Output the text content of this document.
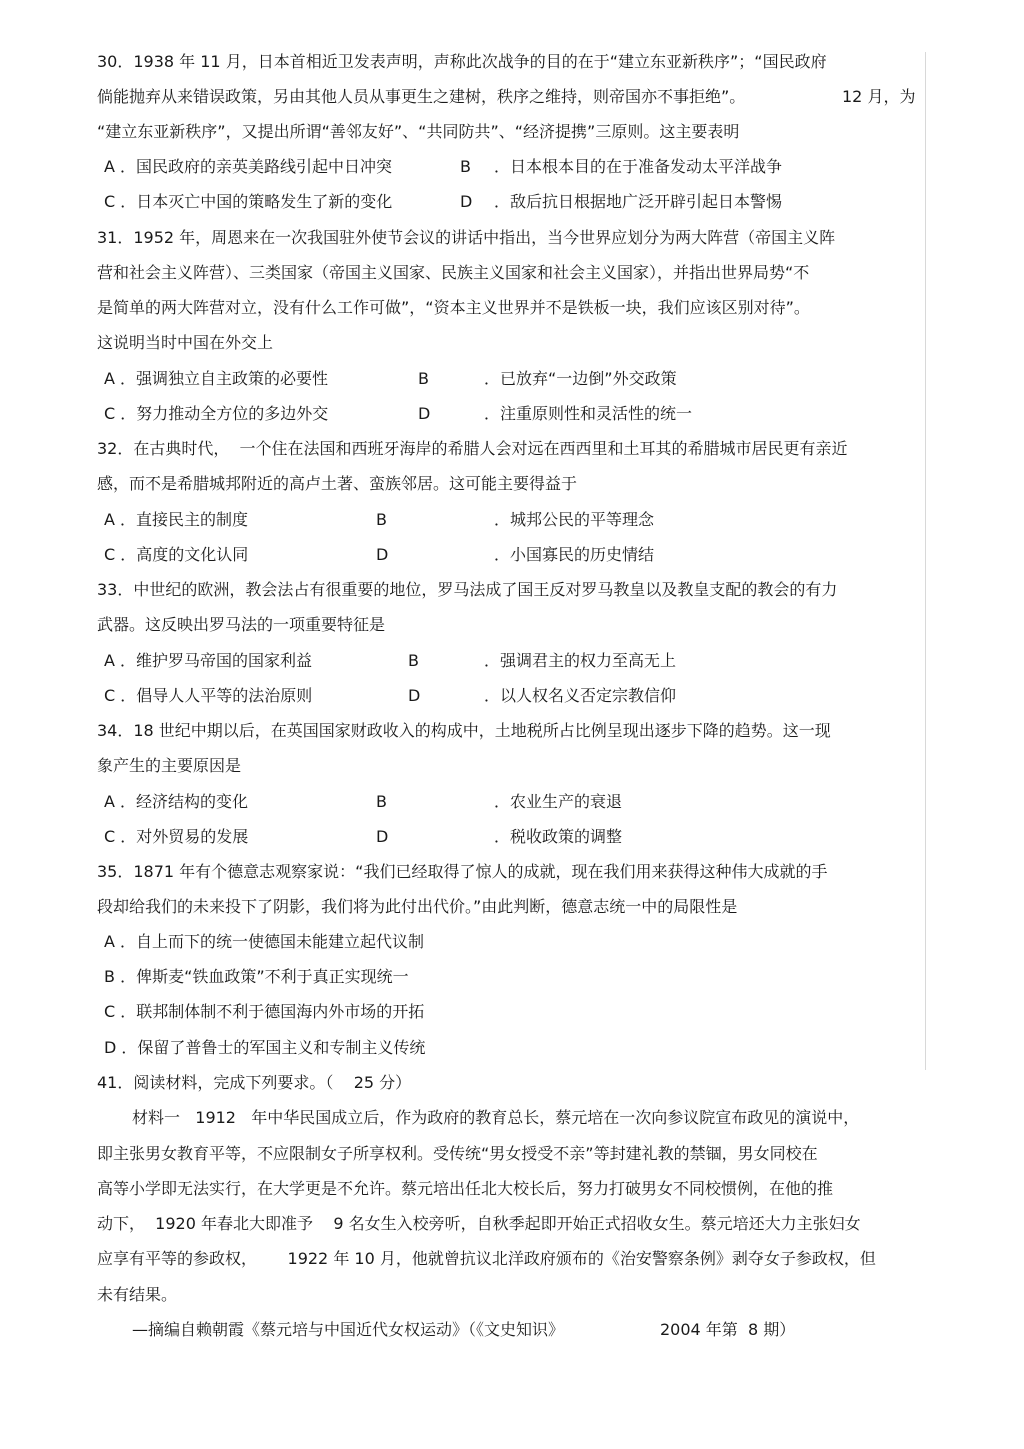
30．1938 年 11 月，日本首相近卫发表声明，声称此次战争的目的在于“建立东亚新秩序”；“国民政府
倘能抛弃从来错误政策，另由其他人员从事更生之建树，秩序之维持，则帝国亦不事拒绝”。	12 月，为
“建立东亚新秩序”，又提出所谓“善邻友好”、“共同防共”、“经济提携”三原则。这主要表明
A ．国民政府的亲英美路线引起中日冲突	B ．日本根本目的在于准备发动太平洋战争
C ．日本灭亡中国的策略发生了新的变化	D ．敌后抗日根据地广泛开辟引起日本警惕
31．1952 年，周恩来在一次我国驻外使节会议的讲话中指出，当今世界应划分为两大阵营（帝国主义阵
营和社会主义阵营）、三类国家（帝国主义国家、民族主义国家和社会主义国家），并指出世界局势“不
是简单的两大阵营对立，没有什么工作可做”，“资本主义世界并不是铁板一块，我们应该区别对待”。
这说明当时中国在外交上
A ．强调独立自主政策的必要性	B	．已放弃“一边倒”外交政策
C ．努力推动全方位的多边外交	D	．注重原则性和灵活性的统一
32．在古典时代，  一个住在法国和西班牙海岸的希腊人会对远在西西里和土耳其的希腊城市居民更有亲近
感，而不是希腊城邦附近的高卢土著、蛮族邻居。这可能主要得益于
A ．直接民主的制度	B	．城邦公民的平等理念
C ．高度的文化认同	D	．小国寡民的历史情结
33．中世纪的欧洲，教会法占有很重要的地位，罗马法成了国王反对罗马教皇以及教皇支配的教会的有力
武器。这反映出罗马法的一项重要特征是
A ．维护罗马帝国的国家利益	B	．强调君主的权力至高无上
C ．倡导人人平等的法治原则	D	．以人权名义否定宗教信仰
34．18 世纪中期以后，在英国国家财政收入的构成中，土地税所占比例呈现出逐步下降的趋势。这一现
象产生的主要原因是
A ．经济结构的变化	B	．农业生产的衰退
C ．对外贸易的发展	D	．税收政策的调整
35．1871 年有个德意志观察家说：“我们已经取得了惊人的成就，现在我们用来获得这种伟大成就的手
段却给我们的未来投下了阴影，我们将为此付出代价。”由此判断，德意志统一中的局限性是
A ．自上而下的统一使德国未能建立起代议制
B ．俾斯麦“铁血政策”不利于真正实现统一
C ．联邦制体制不利于德国海内外市场的开拓
D ．保留了普鲁士的军国主义和专制主义传统
41．阅读材料，完成下列要求。（    25 分）
材料一   1912   年中华民国成立后，作为政府的教育总长，蔡元培在一次向参议院宣布政见的演说中，
即主张男女教育平等，不应限制女子所享权利。受传统“男女授受不亲”等封建礼教的禁锢，男女同校在
高等小学即无法实行，在大学更是不允许。蔡元培出任北大校长后，努力打破男女不同校惯例，在他的推
动下，  1920 年春北大即准予    9 名女生入校旁听，自秋季起即开始正式招收女生。蔡元培还大力主张妇女
应享有平等的参政权，      1922 年 10 月，他就曾抗议北洋政府颁布的《治安警察条例》剥夺女子参政权，但
未有结果。
—摘编自赖朝霞《蔡元培与中国近代女权运动》（《文史知识》	2004 年第  8 期）
